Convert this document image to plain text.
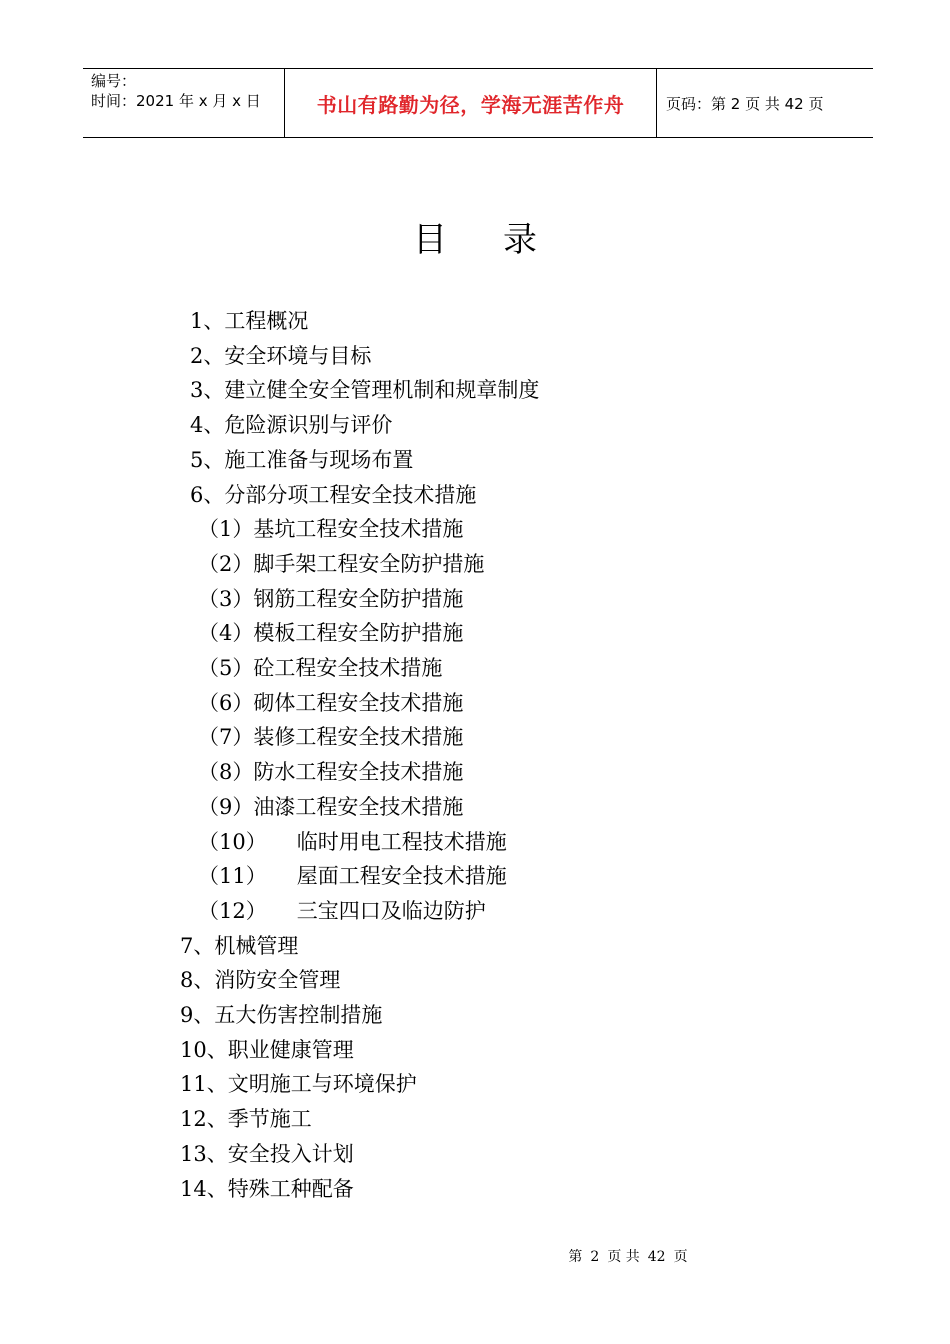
编号：
时间：2021 年 x 月 x 日	书山有路勤为径，学海无涯苦作舟	页码：第 2 页 共 42 页
目录
1、工程概况
2、安全环境与目标
3、建立健全安全管理机制和规章制度
4、危险源识别与评价
5、施工准备与现场布置
6、分部分项工程安全技术措施
（1）基坑工程安全技术措施
（2）脚手架工程安全防护措施
（3）钢筋工程安全防护措施
（4）模板工程安全防护措施
（5）砼工程安全技术措施
（6）砌体工程安全技术措施
（7）装修工程安全技术措施
（8）防水工程安全技术措施
（9）油漆工程安全技术措施
（10） 临时用电工程技术措施
（11） 屋面工程安全技术措施
（12） 三宝四口及临边防护
7、机械管理
8、消防安全管理
9、五大伤害控制措施
10、职业健康管理
11、文明施工与环境保护
12、季节施工
13、安全投入计划
14、特殊工种配备
第 2 页 共 42 页
